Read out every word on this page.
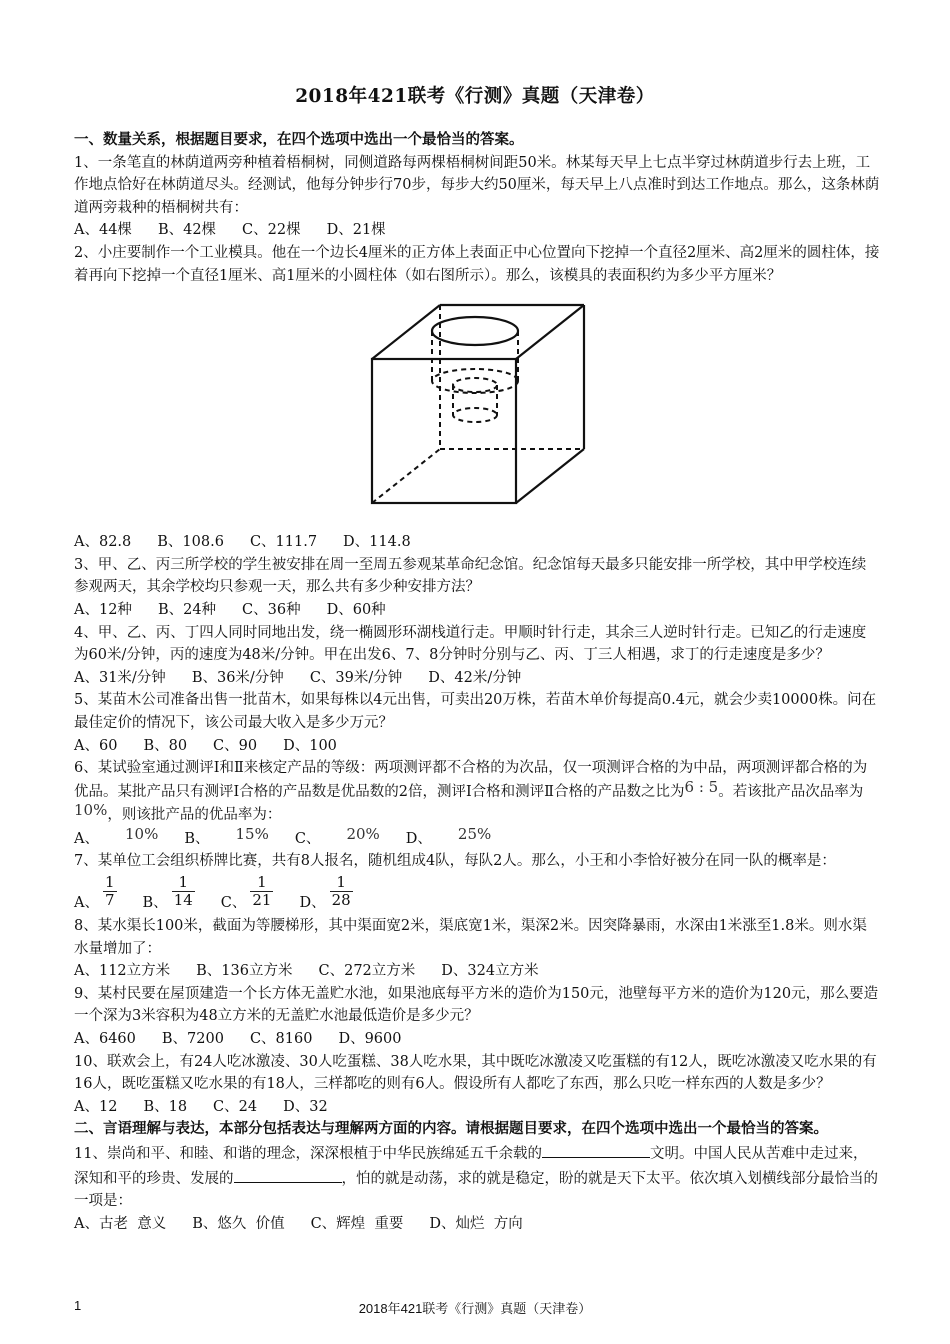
2018年421联考《行测》真题（天津卷）
一、数量关系，根据题目要求，在四个选项中选出一个最恰当的答案。
1、一条笔直的林荫道两旁种植着梧桐树，同侧道路每两棵梧桐树间距50米。林某每天早上七点半穿过林荫道步行去上班，工作地点恰好在林荫道尽头。经测试，他每分钟步行70步，每步大约50厘米，每天早上八点准时到达工作地点。那么，这条林荫道两旁栽种的梧桐树共有：
A、44棵 B、42棵 C、22棵 D、21棵
2、小庄要制作一个工业模具。他在一个边长4厘米的正方体上表面正中心位置向下挖掉一个直径2厘米、高2厘米的圆柱体，接着再向下挖掉一个直径1厘米、高1厘米的小圆柱体（如右图所示）。那么，该模具的表面积约为多少平方厘米？
A、82.8 B、108.6 C、111.7 D、114.8
3、甲、乙、丙三所学校的学生被安排在周一至周五参观某革命纪念馆。纪念馆每天最多只能安排一所学校，其中甲学校连续参观两天，其余学校均只参观一天，那么共有多少种安排方法？
A、12种 B、24种 C、36种 D、60种
4、甲、乙、丙、丁四人同时同地出发，绕一椭圆形环湖栈道行走。甲顺时针行走，其余三人逆时针行走。已知乙的行走速度为60米/分钟，丙的速度为48米/分钟。甲在出发6、7、8分钟时分别与乙、丙、丁三人相遇，求丁的行走速度是多少？
A、31米/分钟 B、36米/分钟 C、39米/分钟 D、42米/分钟
5、某苗木公司准备出售一批苗木，如果每株以4元出售，可卖出20万株，若苗木单价每提高0.4元，就会少卖10000株。问在最佳定价的情况下，该公司最大收入是多少万元？
A、60 B、80 C、90 D、100
6、某试验室通过测评Ⅰ和Ⅱ来核定产品的等级：两项测评都不合格的为次品，仅一项测评合格的为中品，两项测评都合格的为优品。某批产品只有测评Ⅰ合格的产品数是优品数的2倍，测评Ⅰ合格和测评Ⅱ合格的产品数之比为6 : 5。若该批产品次品率为10%，则该批产品的优品率为：
A、 10% B、 15% C、 20% D、 25%
7、某单位工会组织桥牌比赛，共有8人报名，随机组成4队，每队2人。那么，小王和小李恰好被分在同一队的概率是：
A、 $\frac{1}{7}$ B、 $\frac{1}{14}$ C、 $\frac{1}{21}$ D、 $\frac{1}{28}$
8、某水渠长100米，截面为等腰梯形，其中渠面宽2米，渠底宽1米，渠深2米。因突降暴雨，水深由1米涨至1.8米。则水渠水量增加了：
A、112立方米 B、136立方米 C、272立方米 D、324立方米
9、某村民要在屋顶建造一个长方体无盖贮水池，如果池底每平方米的造价为150元，池壁每平方米的造价为120元，那么要造一个深为3米容积为48立方米的无盖贮水池最低造价是多少元？
A、6460 B、7200 C、8160 D、9600
10、联欢会上，有24人吃冰激凌、30人吃蛋糕、38人吃水果，其中既吃冰激凌又吃蛋糕的有12人，既吃冰激凌又吃水果的有16人，既吃蛋糕又吃水果的有18人，三样都吃的则有6人。假设所有人都吃了东西，那么只吃一样东西的人数是多少？
A、12 B、18 C、24 D、32
二、言语理解与表达，本部分包括表达与理解两方面的内容。请根据题目要求，在四个选项中选出一个最恰当的答案。
11、崇尚和平、和睦、和谐的理念，深深根植于中华民族绵延五千余载的	文明。中国人民从苦难中走过来，深知和平的珍贵、发展的	，怕的就是动荡，求的就是稳定，盼的就是天下太平。依次填入划横线部分最恰当的一项是：
A、古老  意义 B、悠久  价值 C、辉煌  重要 D、灿烂  方向
1	2018年421联考《行测》真题（天津卷）
